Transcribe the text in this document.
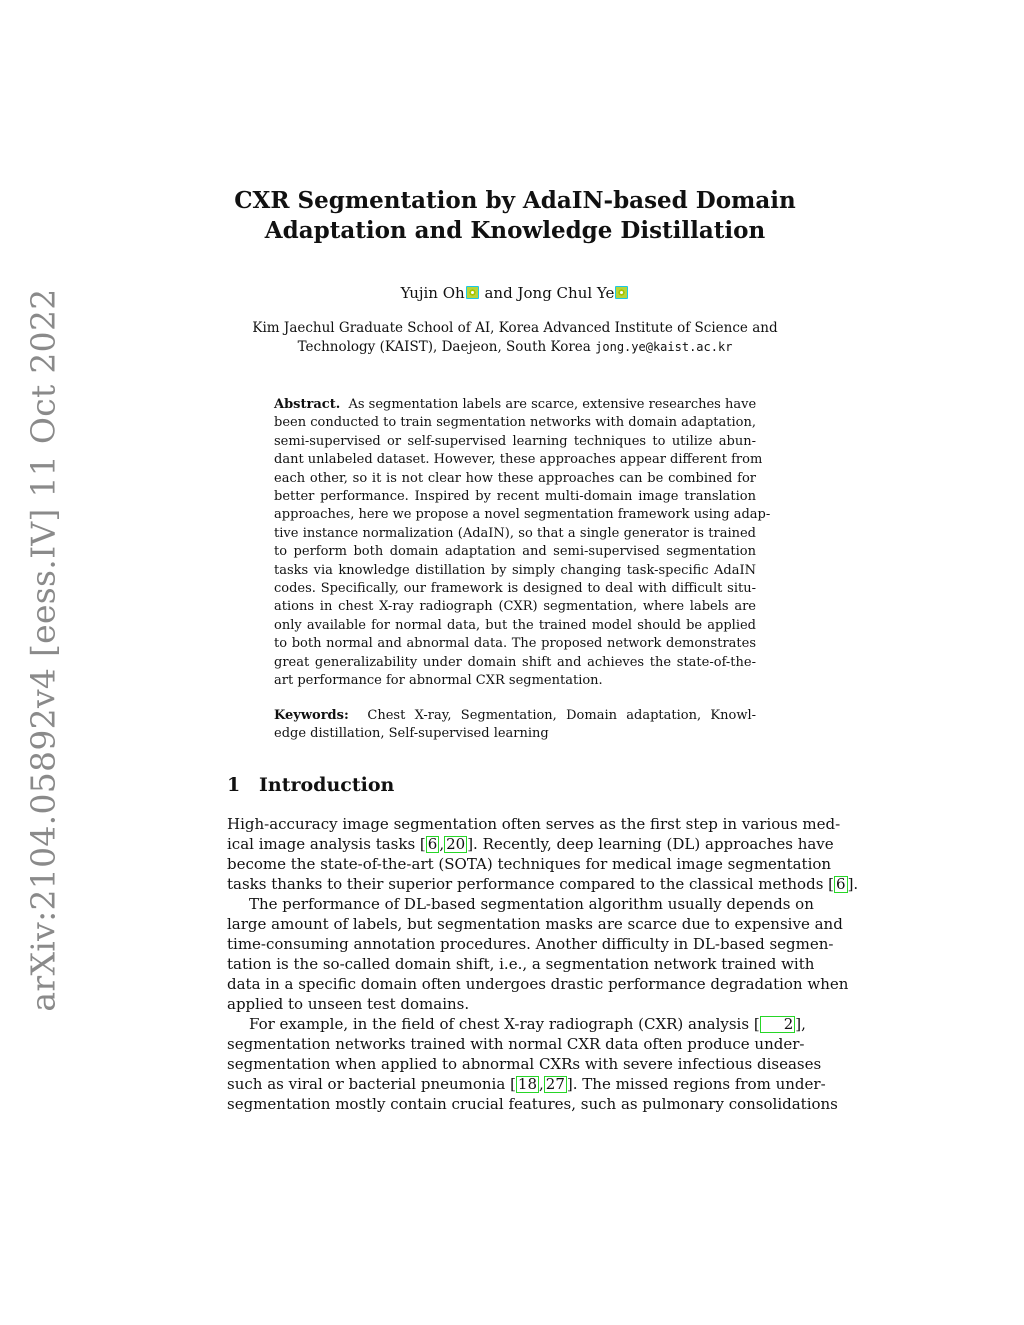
arXiv:2104.05892v4 [eess.IV] 11 Oct 2022
CXR Segmentation by AdaIN-based Domain
Adaptation and Knowledge Distillation
Yujin Oh and Jong Chul Ye
Kim Jaechul Graduate School of AI, Korea Advanced Institute of Science and
Technology (KAIST), Daejeon, South Korea jong.ye@kaist.ac.kr
Abstract. As segmentation labels are scarce, extensive researches have
been conducted to train segmentation networks with domain adaptation,
semi-supervised or self-supervised learning techniques to utilize abun-
dant unlabeled dataset. However, these approaches appear different from
each other, so it is not clear how these approaches can be combined for
better performance. Inspired by recent multi-domain image translation
approaches, here we propose a novel segmentation framework using adap-
tive instance normalization (AdaIN), so that a single generator is trained
to perform both domain adaptation and semi-supervised segmentation
tasks via knowledge distillation by simply changing task-specific AdaIN
codes. Specifically, our framework is designed to deal with difficult situ-
ations in chest X-ray radiograph (CXR) segmentation, where labels are
only available for normal data, but the trained model should be applied
to both normal and abnormal data. The proposed network demonstrates
great generalizability under domain shift and achieves the state-of-the-
art performance for abnormal CXR segmentation.
Keywords: Chest X-ray, Segmentation, Domain adaptation, Knowl-
edge distillation, Self-supervised learning
1 Introduction
High-accuracy image segmentation often serves as the first step in various med-
ical image analysis tasks [ 6 , 20 ]. Recently, deep learning (DL) approaches have
become the state-of-the-art (SOTA) techniques for medical image segmentation
tasks thanks to their superior performance compared to the classical methods [ 6 ].
The performance of DL-based segmentation algorithm usually depends on
large amount of labels, but segmentation masks are scarce due to expensive and
time-consuming annotation procedures. Another difficulty in DL-based segmen-
tation is the so-called domain shift, i.e., a segmentation network trained with
data in a specific domain often undergoes drastic performance degradation when
applied to unseen test domains.
For example, in the field of chest X-ray radiograph (CXR) analysis [ 2 ],
segmentation networks trained with normal CXR data often produce under-
segmentation when applied to abnormal CXRs with severe infectious diseases
such as viral or bacterial pneumonia [ 18 , 27 ]. The missed regions from under-
segmentation mostly contain crucial features, such as pulmonary consolidations
